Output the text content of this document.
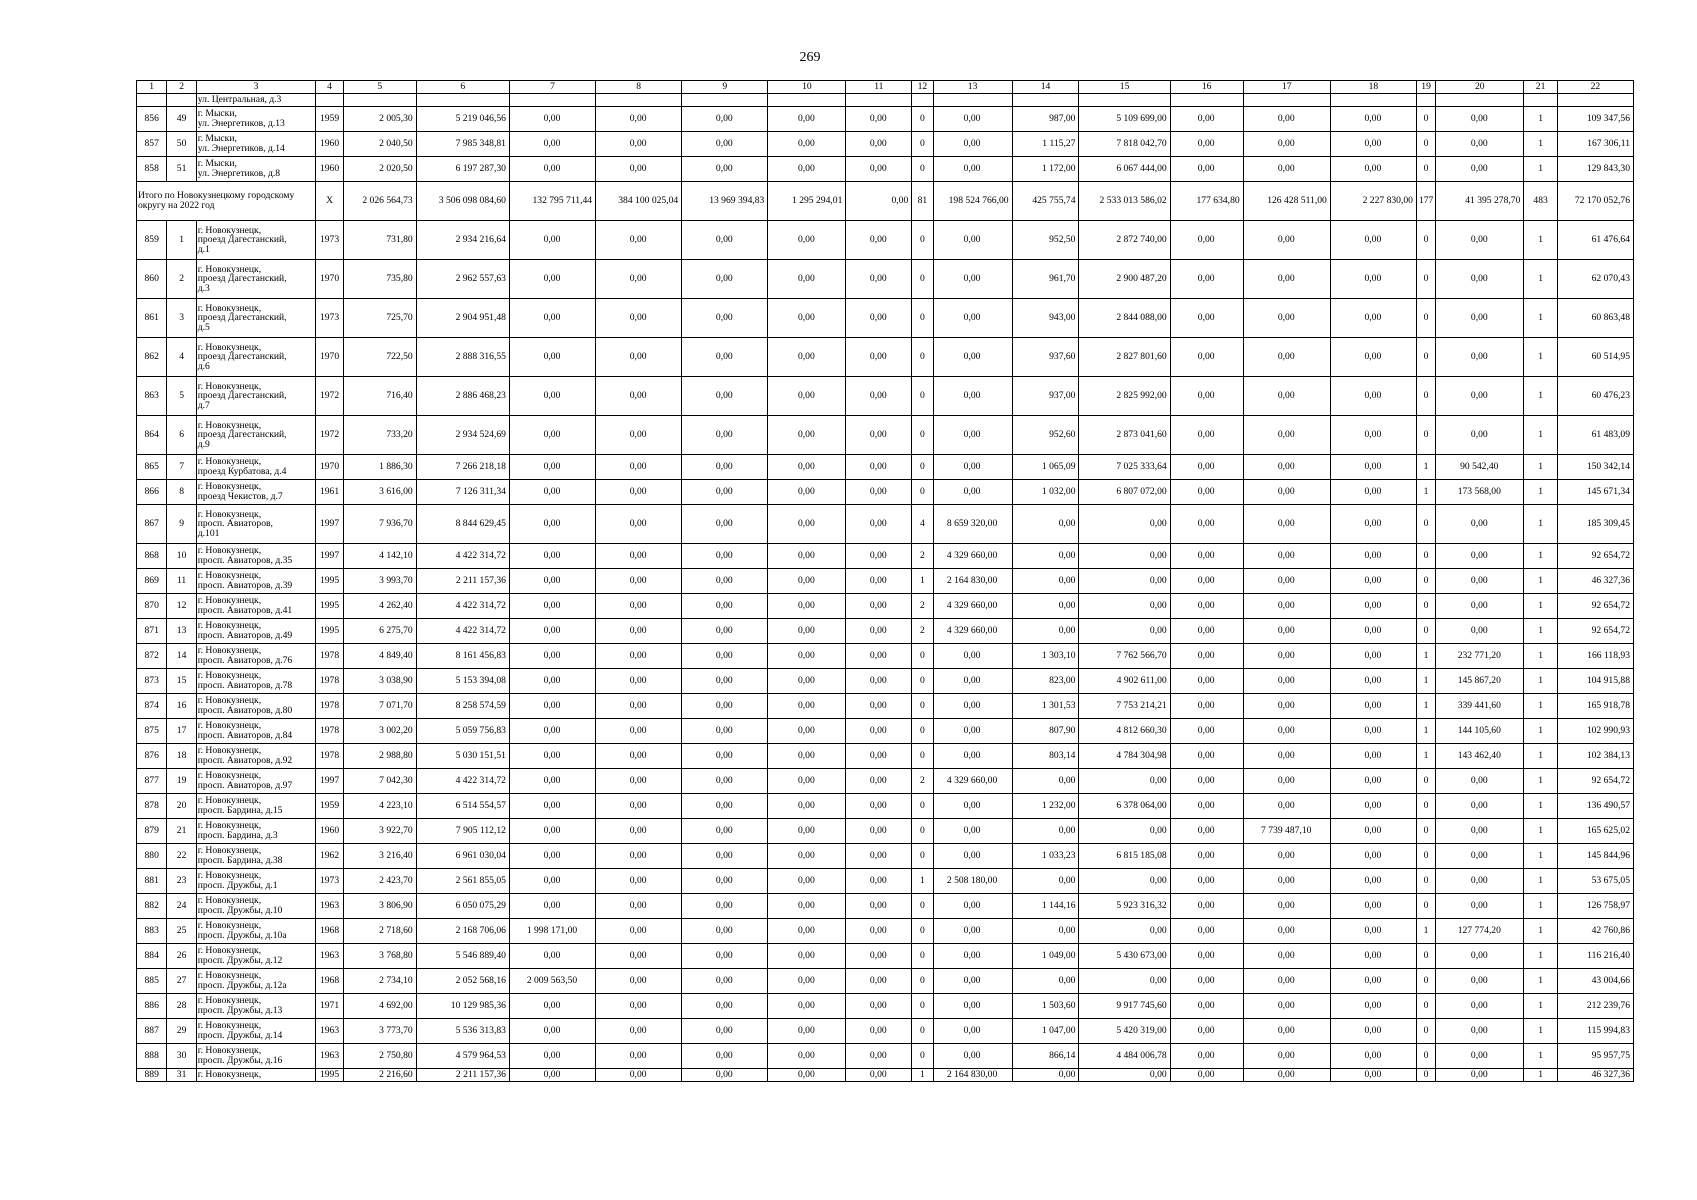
269
1	2	3	4	5	6	7	8	9	10	11	12	13	14	15	16	17	18	19	20	21	22
		ул. Центральная, д.3																			
856	49	г. Мыски,
ул. Энергетиков, д.13	1959	2 005,30	5 219 046,56	0,00	0,00	0,00	0,00	0,00	0	0,00	987,00	5 109 699,00	0,00	0,00	0,00	0	0,00	1	109 347,56
857	50	г. Мыски,
ул. Энергетиков, д.14	1960	2 040,50	7 985 348,81	0,00	0,00	0,00	0,00	0,00	0	0,00	1 115,27	7 818 042,70	0,00	0,00	0,00	0	0,00	1	167 306,11
858	51	г. Мыски,
ул. Энергетиков, д.8	1960	2 020,50	6 197 287,30	0,00	0,00	0,00	0,00	0,00	0	0,00	1 172,00	6 067 444,00	0,00	0,00	0,00	0	0,00	1	129 843,30
Итого по Новокузнецкому городскому округу на 2022 год			X	2 026 564,73	3 506 098 084,60	132 795 711,44	384 100 025,04	13 969 394,83	1 295 294,01	0,00	81	198 524 766,00	425 755,74	2 533 013 586,02	177 634,80	126 428 511,00	2 227 830,00	177	41 395 278,70	483	72 170 052,76
859	1	г. Новокузнецк,
проезд Дагестанский,
д.1	1973	731,80	2 934 216,64	0,00	0,00	0,00	0,00	0,00	0	0,00	952,50	2 872 740,00	0,00	0,00	0,00	0	0,00	1	61 476,64
860	2	г. Новокузнецк,
проезд Дагестанский,
д.3	1970	735,80	2 962 557,63	0,00	0,00	0,00	0,00	0,00	0	0,00	961,70	2 900 487,20	0,00	0,00	0,00	0	0,00	1	62 070,43
861	3	г. Новокузнецк,
проезд Дагестанский,
д.5	1973	725,70	2 904 951,48	0,00	0,00	0,00	0,00	0,00	0	0,00	943,00	2 844 088,00	0,00	0,00	0,00	0	0,00	1	60 863,48
862	4	г. Новокузнецк,
проезд Дагестанский,
д.6	1970	722,50	2 888 316,55	0,00	0,00	0,00	0,00	0,00	0	0,00	937,60	2 827 801,60	0,00	0,00	0,00	0	0,00	1	60 514,95
863	5	г. Новокузнецк,
проезд Дагестанский,
д.7	1972	716,40	2 886 468,23	0,00	0,00	0,00	0,00	0,00	0	0,00	937,00	2 825 992,00	0,00	0,00	0,00	0	0,00	1	60 476,23
864	6	г. Новокузнецк,
проезд Дагестанский,
д.9	1972	733,20	2 934 524,69	0,00	0,00	0,00	0,00	0,00	0	0,00	952,60	2 873 041,60	0,00	0,00	0,00	0	0,00	1	61 483,09
865	7	г. Новокузнецк,
проезд Курбатова, д.4	1970	1 886,30	7 266 218,18	0,00	0,00	0,00	0,00	0,00	0	0,00	1 065,09	7 025 333,64	0,00	0,00	0,00	1	90 542,40	1	150 342,14
866	8	г. Новокузнецк,
проезд Чекистов, д.7	1961	3 616,00	7 126 311,34	0,00	0,00	0,00	0,00	0,00	0	0,00	1 032,00	6 807 072,00	0,00	0,00	0,00	1	173 568,00	1	145 671,34
867	9	г. Новокузнецк,
просп. Авиаторов,
д.101	1997	7 936,70	8 844 629,45	0,00	0,00	0,00	0,00	0,00	4	8 659 320,00	0,00	0,00	0,00	0,00	0,00	0	0,00	1	185 309,45
868	10	г. Новокузнецк,
просп. Авиаторов, д.35	1997	4 142,10	4 422 314,72	0,00	0,00	0,00	0,00	0,00	2	4 329 660,00	0,00	0,00	0,00	0,00	0,00	0	0,00	1	92 654,72
869	11	г. Новокузнецк,
просп. Авиаторов, д.39	1995	3 993,70	2 211 157,36	0,00	0,00	0,00	0,00	0,00	1	2 164 830,00	0,00	0,00	0,00	0,00	0,00	0	0,00	1	46 327,36
870	12	г. Новокузнецк,
просп. Авиаторов, д.41	1995	4 262,40	4 422 314,72	0,00	0,00	0,00	0,00	0,00	2	4 329 660,00	0,00	0,00	0,00	0,00	0,00	0	0,00	1	92 654,72
871	13	г. Новокузнецк,
просп. Авиаторов, д.49	1995	6 275,70	4 422 314,72	0,00	0,00	0,00	0,00	0,00	2	4 329 660,00	0,00	0,00	0,00	0,00	0,00	0	0,00	1	92 654,72
872	14	г. Новокузнецк,
просп. Авиаторов, д.76	1978	4 849,40	8 161 456,83	0,00	0,00	0,00	0,00	0,00	0	0,00	1 303,10	7 762 566,70	0,00	0,00	0,00	1	232 771,20	1	166 118,93
873	15	г. Новокузнецк,
просп. Авиаторов, д.78	1978	3 038,90	5 153 394,08	0,00	0,00	0,00	0,00	0,00	0	0,00	823,00	4 902 611,00	0,00	0,00	0,00	1	145 867,20	1	104 915,88
874	16	г. Новокузнецк,
просп. Авиаторов, д.80	1978	7 071,70	8 258 574,59	0,00	0,00	0,00	0,00	0,00	0	0,00	1 301,53	7 753 214,21	0,00	0,00	0,00	1	339 441,60	1	165 918,78
875	17	г. Новокузнецк,
просп. Авиаторов, д.84	1978	3 002,20	5 059 756,83	0,00	0,00	0,00	0,00	0,00	0	0,00	807,90	4 812 660,30	0,00	0,00	0,00	1	144 105,60	1	102 990,93
876	18	г. Новокузнецк,
просп. Авиаторов, д.92	1978	2 988,80	5 030 151,51	0,00	0,00	0,00	0,00	0,00	0	0,00	803,14	4 784 304,98	0,00	0,00	0,00	1	143 462,40	1	102 384,13
877	19	г. Новокузнецк,
просп. Авиаторов, д.97	1997	7 042,30	4 422 314,72	0,00	0,00	0,00	0,00	0,00	2	4 329 660,00	0,00	0,00	0,00	0,00	0,00	0	0,00	1	92 654,72
878	20	г. Новокузнецк,
просп. Бардина, д.15	1959	4 223,10	6 514 554,57	0,00	0,00	0,00	0,00	0,00	0	0,00	1 232,00	6 378 064,00	0,00	0,00	0,00	0	0,00	1	136 490,57
879	21	г. Новокузнецк,
просп. Бардина, д.3	1960	3 922,70	7 905 112,12	0,00	0,00	0,00	0,00	0,00	0	0,00	0,00	0,00	0,00	7 739 487,10	0,00	0	0,00	1	165 625,02
880	22	г. Новокузнецк,
просп. Бардина, д.38	1962	3 216,40	6 961 030,04	0,00	0,00	0,00	0,00	0,00	0	0,00	1 033,23	6 815 185,08	0,00	0,00	0,00	0	0,00	1	145 844,96
881	23	г. Новокузнецк,
просп. Дружбы, д.1	1973	2 423,70	2 561 855,05	0,00	0,00	0,00	0,00	0,00	1	2 508 180,00	0,00	0,00	0,00	0,00	0,00	0	0,00	1	53 675,05
882	24	г. Новокузнецк,
просп. Дружбы, д.10	1963	3 806,90	6 050 075,29	0,00	0,00	0,00	0,00	0,00	0	0,00	1 144,16	5 923 316,32	0,00	0,00	0,00	0	0,00	1	126 758,97
883	25	г. Новокузнецк,
просп. Дружбы, д.10а	1968	2 718,60	2 168 706,06	1 998 171,00	0,00	0,00	0,00	0,00	0	0,00	0,00	0,00	0,00	0,00	0,00	1	127 774,20	1	42 760,86
884	26	г. Новокузнецк,
просп. Дружбы, д.12	1963	3 768,80	5 546 889,40	0,00	0,00	0,00	0,00	0,00	0	0,00	1 049,00	5 430 673,00	0,00	0,00	0,00	0	0,00	1	116 216,40
885	27	г. Новокузнецк,
просп. Дружбы, д.12а	1968	2 734,10	2 052 568,16	2 009 563,50	0,00	0,00	0,00	0,00	0	0,00	0,00	0,00	0,00	0,00	0,00	0	0,00	1	43 004,66
886	28	г. Новокузнецк,
просп. Дружбы, д.13	1971	4 692,00	10 129 985,36	0,00	0,00	0,00	0,00	0,00	0	0,00	1 503,60	9 917 745,60	0,00	0,00	0,00	0	0,00	1	212 239,76
887	29	г. Новокузнецк,
просп. Дружбы, д.14	1963	3 773,70	5 536 313,83	0,00	0,00	0,00	0,00	0,00	0	0,00	1 047,00	5 420 319,00	0,00	0,00	0,00	0	0,00	1	115 994,83
888	30	г. Новокузнецк,
просп. Дружбы, д.16	1963	2 750,80	4 579 964,53	0,00	0,00	0,00	0,00	0,00	0	0,00	866,14	4 484 006,78	0,00	0,00	0,00	0	0,00	1	95 957,75
889	31	г. Новокузнецк,	1995	2 216,60	2 211 157,36	0,00	0,00	0,00	0,00	0,00	1	2 164 830,00	0,00	0,00	0,00	0,00	0,00	0	0,00	1	46 327,36
